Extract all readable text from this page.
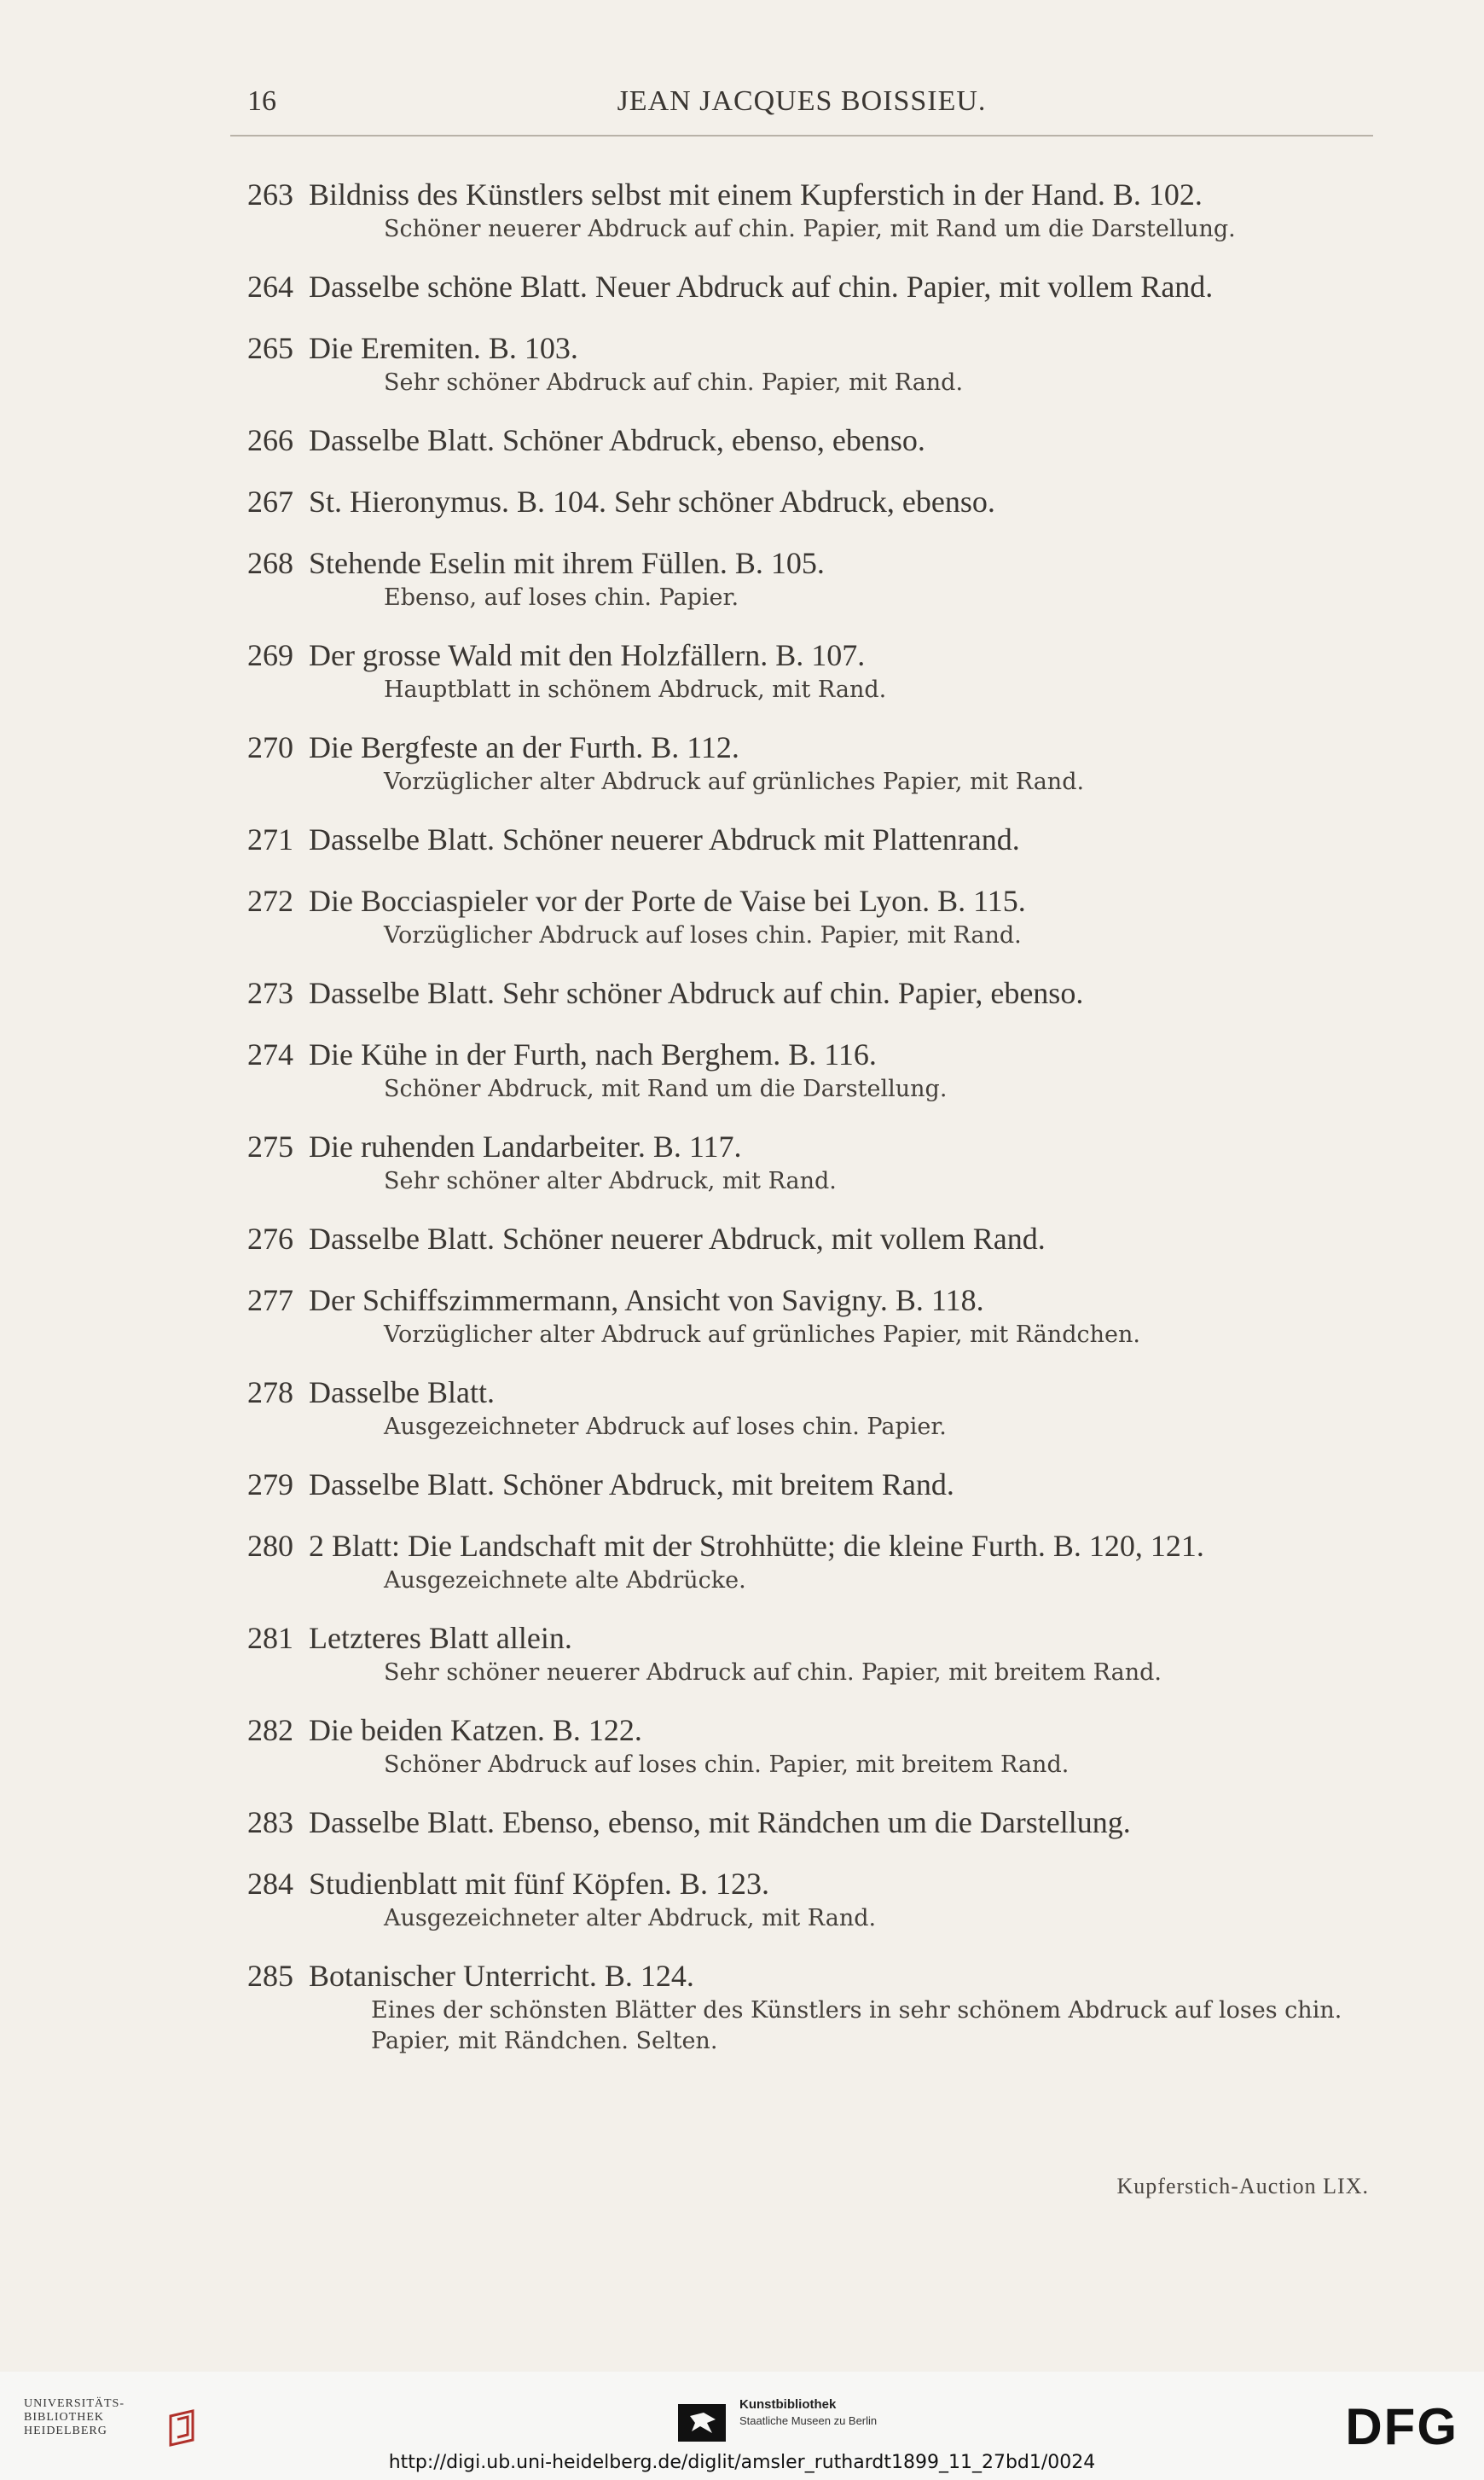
16	JEAN JACQUES BOISSIEU.
263 Bildniss des Künstlers selbst mit einem Kupferstich in der Hand. B. 102.
Schöner neuerer Abdruck auf chin. Papier, mit Rand um die Darstellung.
264 Dasselbe schöne Blatt. Neuer Abdruck auf chin. Papier, mit vollem Rand.
265 Die Eremiten. B. 103.
Sehr schöner Abdruck auf chin. Papier, mit Rand.
266 Dasselbe Blatt. Schöner Abdruck, ebenso, ebenso.
267 St. Hieronymus. B. 104. Sehr schöner Abdruck, ebenso.
268 Stehende Eselin mit ihrem Füllen. B. 105.
Ebenso, auf loses chin. Papier.
269 Der grosse Wald mit den Holzfällern. B. 107.
Hauptblatt in schönem Abdruck, mit Rand.
270 Die Bergfeste an der Furth. B. 112.
Vorzüglicher alter Abdruck auf grünliches Papier, mit Rand.
271 Dasselbe Blatt. Schöner neuerer Abdruck mit Plattenrand.
272 Die Bocciaspieler vor der Porte de Vaise bei Lyon. B. 115.
Vorzüglicher Abdruck auf loses chin. Papier, mit Rand.
273 Dasselbe Blatt. Sehr schöner Abdruck auf chin. Papier, ebenso.
274 Die Kühe in der Furth, nach Berghem. B. 116.
Schöner Abdruck, mit Rand um die Darstellung.
275 Die ruhenden Landarbeiter. B. 117.
Sehr schöner alter Abdruck, mit Rand.
276 Dasselbe Blatt. Schöner neuerer Abdruck, mit vollem Rand.
277 Der Schiffszimmermann, Ansicht von Savigny. B. 118.
Vorzüglicher alter Abdruck auf grünliches Papier, mit Rändchen.
278 Dasselbe Blatt.
Ausgezeichneter Abdruck auf loses chin. Papier.
279 Dasselbe Blatt. Schöner Abdruck, mit breitem Rand.
280 2 Blatt: Die Landschaft mit der Strohhütte; die kleine Furth. B. 120, 121.
Ausgezeichnete alte Abdrücke.
281 Letzteres Blatt allein.
Sehr schöner neuerer Abdruck auf chin. Papier, mit breitem Rand.
282 Die beiden Katzen. B. 122.
Schöner Abdruck auf loses chin. Papier, mit breitem Rand.
283 Dasselbe Blatt. Ebenso, ebenso, mit Rändchen um die Darstellung.
284 Studienblatt mit fünf Köpfen. B. 123.
Ausgezeichneter alter Abdruck, mit Rand.
285 Botanischer Unterricht. B. 124.
Eines der schönsten Blätter des Künstlers in sehr schönem Abdruck auf loses chin. Papier, mit Rändchen. Selten.
Kupferstich-Auction LIX.
UNIVERSITÄTS-
BIBLIOTHEK
HEIDELBERG
Kunstbibliothek
Staatliche Museen zu Berlin	DFG
http://digi.ub.uni-heidelberg.de/diglit/amsler_ruthardt1899_11_27bd1/0024
